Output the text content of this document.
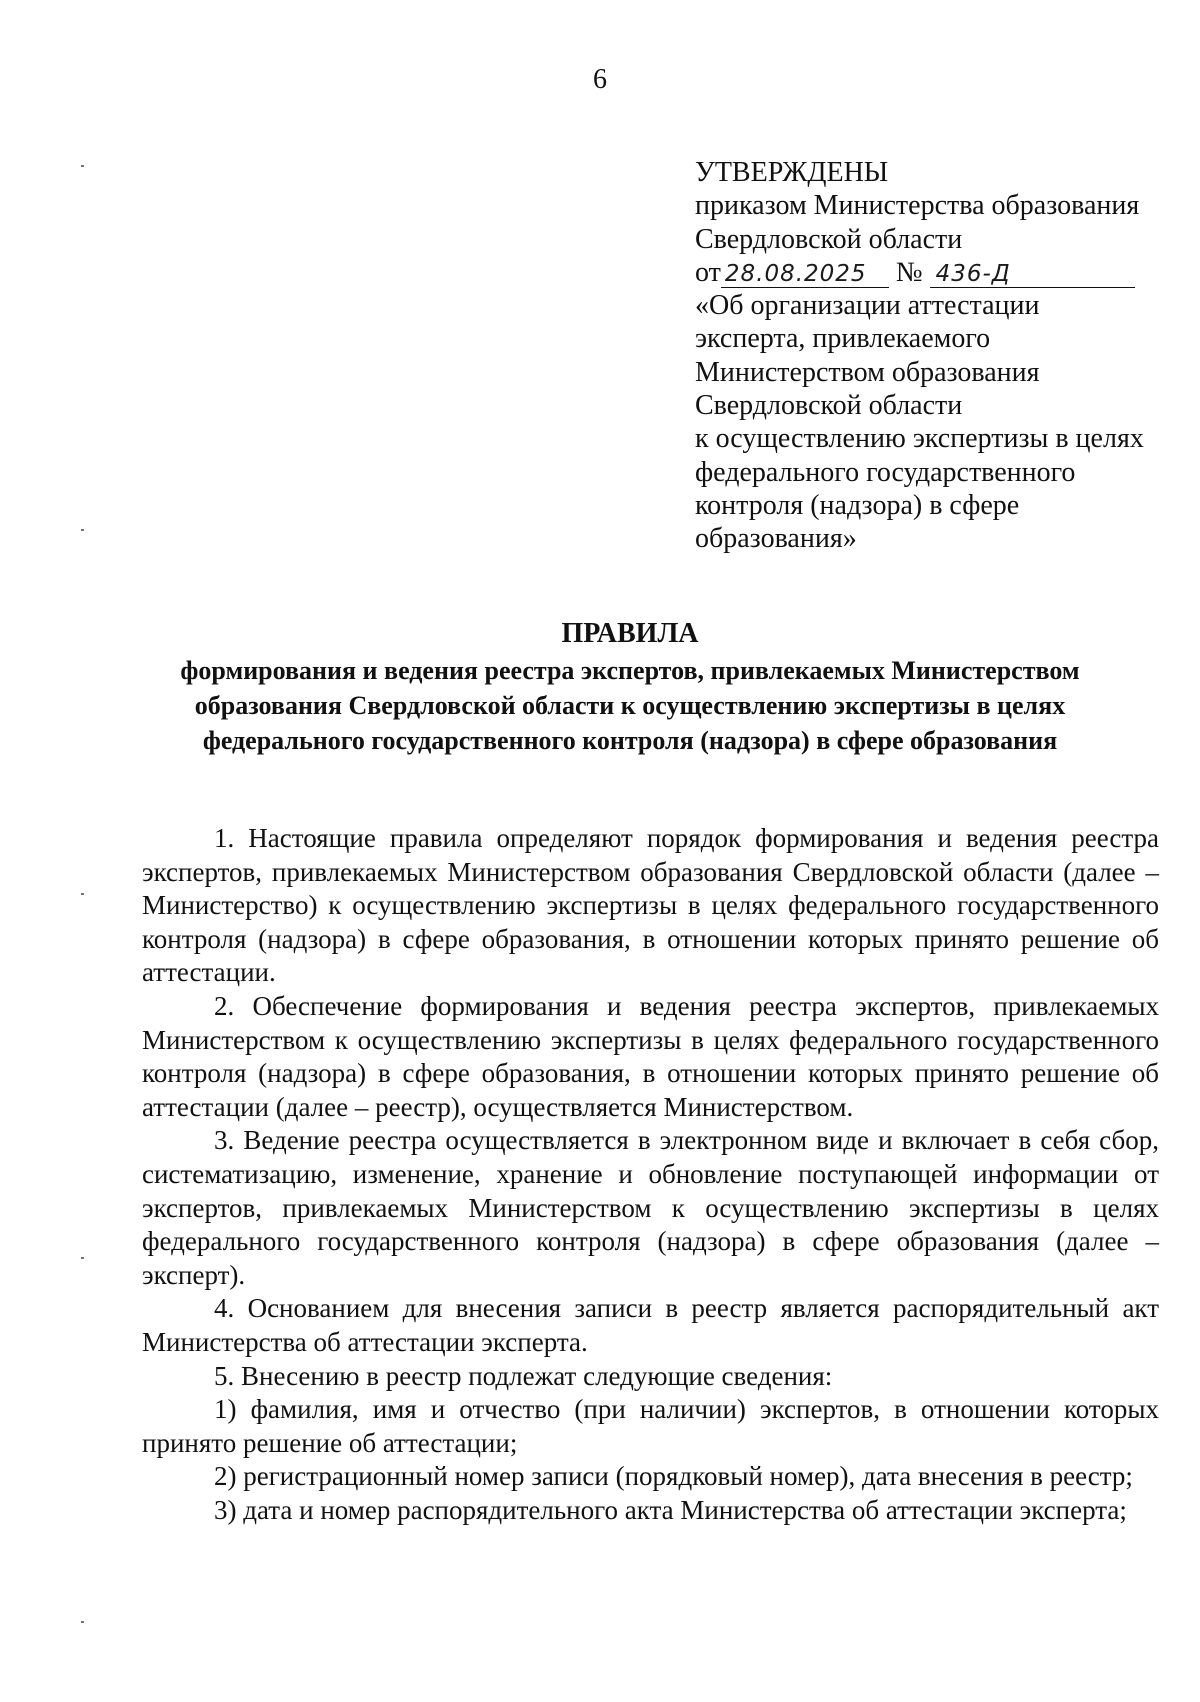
6
УТВЕРЖДЕНЫ
приказом Министерства образования
Свердловской области
от 28.08.2025 № 436-Д
«Об организации аттестации
эксперта, привлекаемого
Министерством образования
Свердловской области
к осуществлению экспертизы в целях
федерального государственного
контроля (надзора) в сфере
образования»
ПРАВИЛА
формирования и ведения реестра экспертов, привлекаемых Министерством
образования Свердловской области к осуществлению экспертизы в целях
федерального государственного контроля (надзора) в сфере образования

1. Настоящие правила определяют порядок формирования и ведения реестра экспертов, привлекаемых Министерством образования Свердловской области (далее – Министерство) к осуществлению экспертизы в целях федерального государственного контроля (надзора) в сфере образования, в отношении которых принято решение об аттестации.

2. Обеспечение формирования и ведения реестра экспертов, привлекаемых Министерством к осуществлению экспертизы в целях федерального государственного контроля (надзора) в сфере образования, в отношении которых принято решение об аттестации (далее – реестр), осуществляется Министерством.

3. Ведение реестра осуществляется в электронном виде и включает в себя сбор, систематизацию, изменение, хранение и обновление поступающей информации от экспертов, привлекаемых Министерством к осуществлению экспертизы в целях федерального государственного контроля (надзора) в сфере образования (далее – эксперт).

4. Основанием для внесения записи в реестр является распорядительный акт Министерства об аттестации эксперта.

5. Внесению в реестр подлежат следующие сведения:

1) фамилия, имя и отчество (при наличии) экспертов, в отношении которых принято решение об аттестации;

2) регистрационный номер записи (порядковый номер), дата внесения в реестр;

3) дата и номер распорядительного акта Министерства об аттестации эксперта;
